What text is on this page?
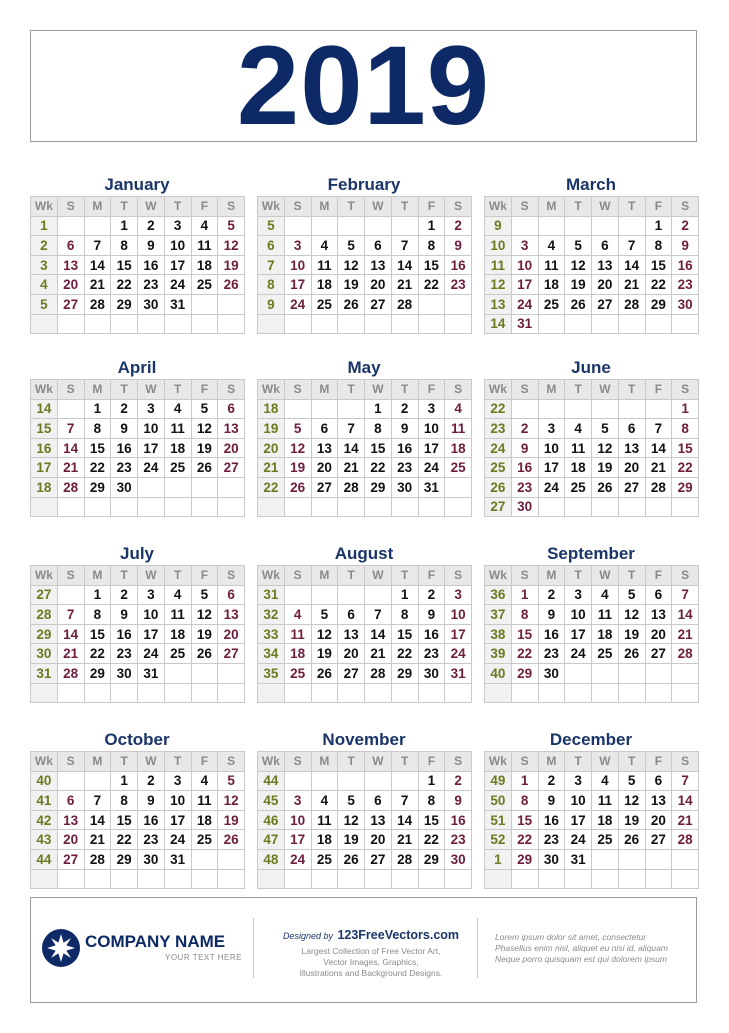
2019
January
Wk	S	M	T	W	T	F	S
1			1	2	3	4	5
2	6	7	8	9	10	11	12
3	13	14	15	16	17	18	19
4	20	21	22	23	24	25	26
5	27	28	29	30	31		

February
Wk	S	M	T	W	T	F	S
5						1	2
6	3	4	5	6	7	8	9
7	10	11	12	13	14	15	16
8	17	18	19	20	21	22	23
9	24	25	26	27	28		

March
Wk	S	M	T	W	T	F	S
9						1	2
10	3	4	5	6	7	8	9
11	10	11	12	13	14	15	16
12	17	18	19	20	21	22	23
13	24	25	26	27	28	29	30
14	31						
April
Wk	S	M	T	W	T	F	S
14		1	2	3	4	5	6
15	7	8	9	10	11	12	13
16	14	15	16	17	18	19	20
17	21	22	23	24	25	26	27
18	28	29	30				

May
Wk	S	M	T	W	T	F	S
18				1	2	3	4
19	5	6	7	8	9	10	11
20	12	13	14	15	16	17	18
21	19	20	21	22	23	24	25
22	26	27	28	29	30	31	

June
Wk	S	M	T	W	T	F	S
22							1
23	2	3	4	5	6	7	8
24	9	10	11	12	13	14	15
25	16	17	18	19	20	21	22
26	23	24	25	26	27	28	29
27	30						
July
Wk	S	M	T	W	T	F	S
27		1	2	3	4	5	6
28	7	8	9	10	11	12	13
29	14	15	16	17	18	19	20
30	21	22	23	24	25	26	27
31	28	29	30	31			

August
Wk	S	M	T	W	T	F	S
31					1	2	3
32	4	5	6	7	8	9	10
33	11	12	13	14	15	16	17
34	18	19	20	21	22	23	24
35	25	26	27	28	29	30	31

September
Wk	S	M	T	W	T	F	S
36	1	2	3	4	5	6	7
37	8	9	10	11	12	13	14
38	15	16	17	18	19	20	21
39	22	23	24	25	26	27	28
40	29	30					

October
Wk	S	M	T	W	T	F	S
40			1	2	3	4	5
41	6	7	8	9	10	11	12
42	13	14	15	16	17	18	19
43	20	21	22	23	24	25	26
44	27	28	29	30	31		

November
Wk	S	M	T	W	T	F	S
44						1	2
45	3	4	5	6	7	8	9
46	10	11	12	13	14	15	16
47	17	18	19	20	21	22	23
48	24	25	26	27	28	29	30

December
Wk	S	M	T	W	T	F	S
49	1	2	3	4	5	6	7
50	8	9	10	11	12	13	14
51	15	16	17	18	19	20	21
52	22	23	24	25	26	27	28
1	29	30	31				

COMPANY NAME
YOUR TEXT HERE
Designed by 123FreeVectors.com
Largest Collection of Free Vector Art,
Vector Images, Graphics,
Illustrations and Background Designs.
Lorem ipsum dolor sit amet, consectetur
Phasellus enim nisl, aliquet eu nisi id, aliquam
Neque porro quisquam est qui dolorem ipsum
